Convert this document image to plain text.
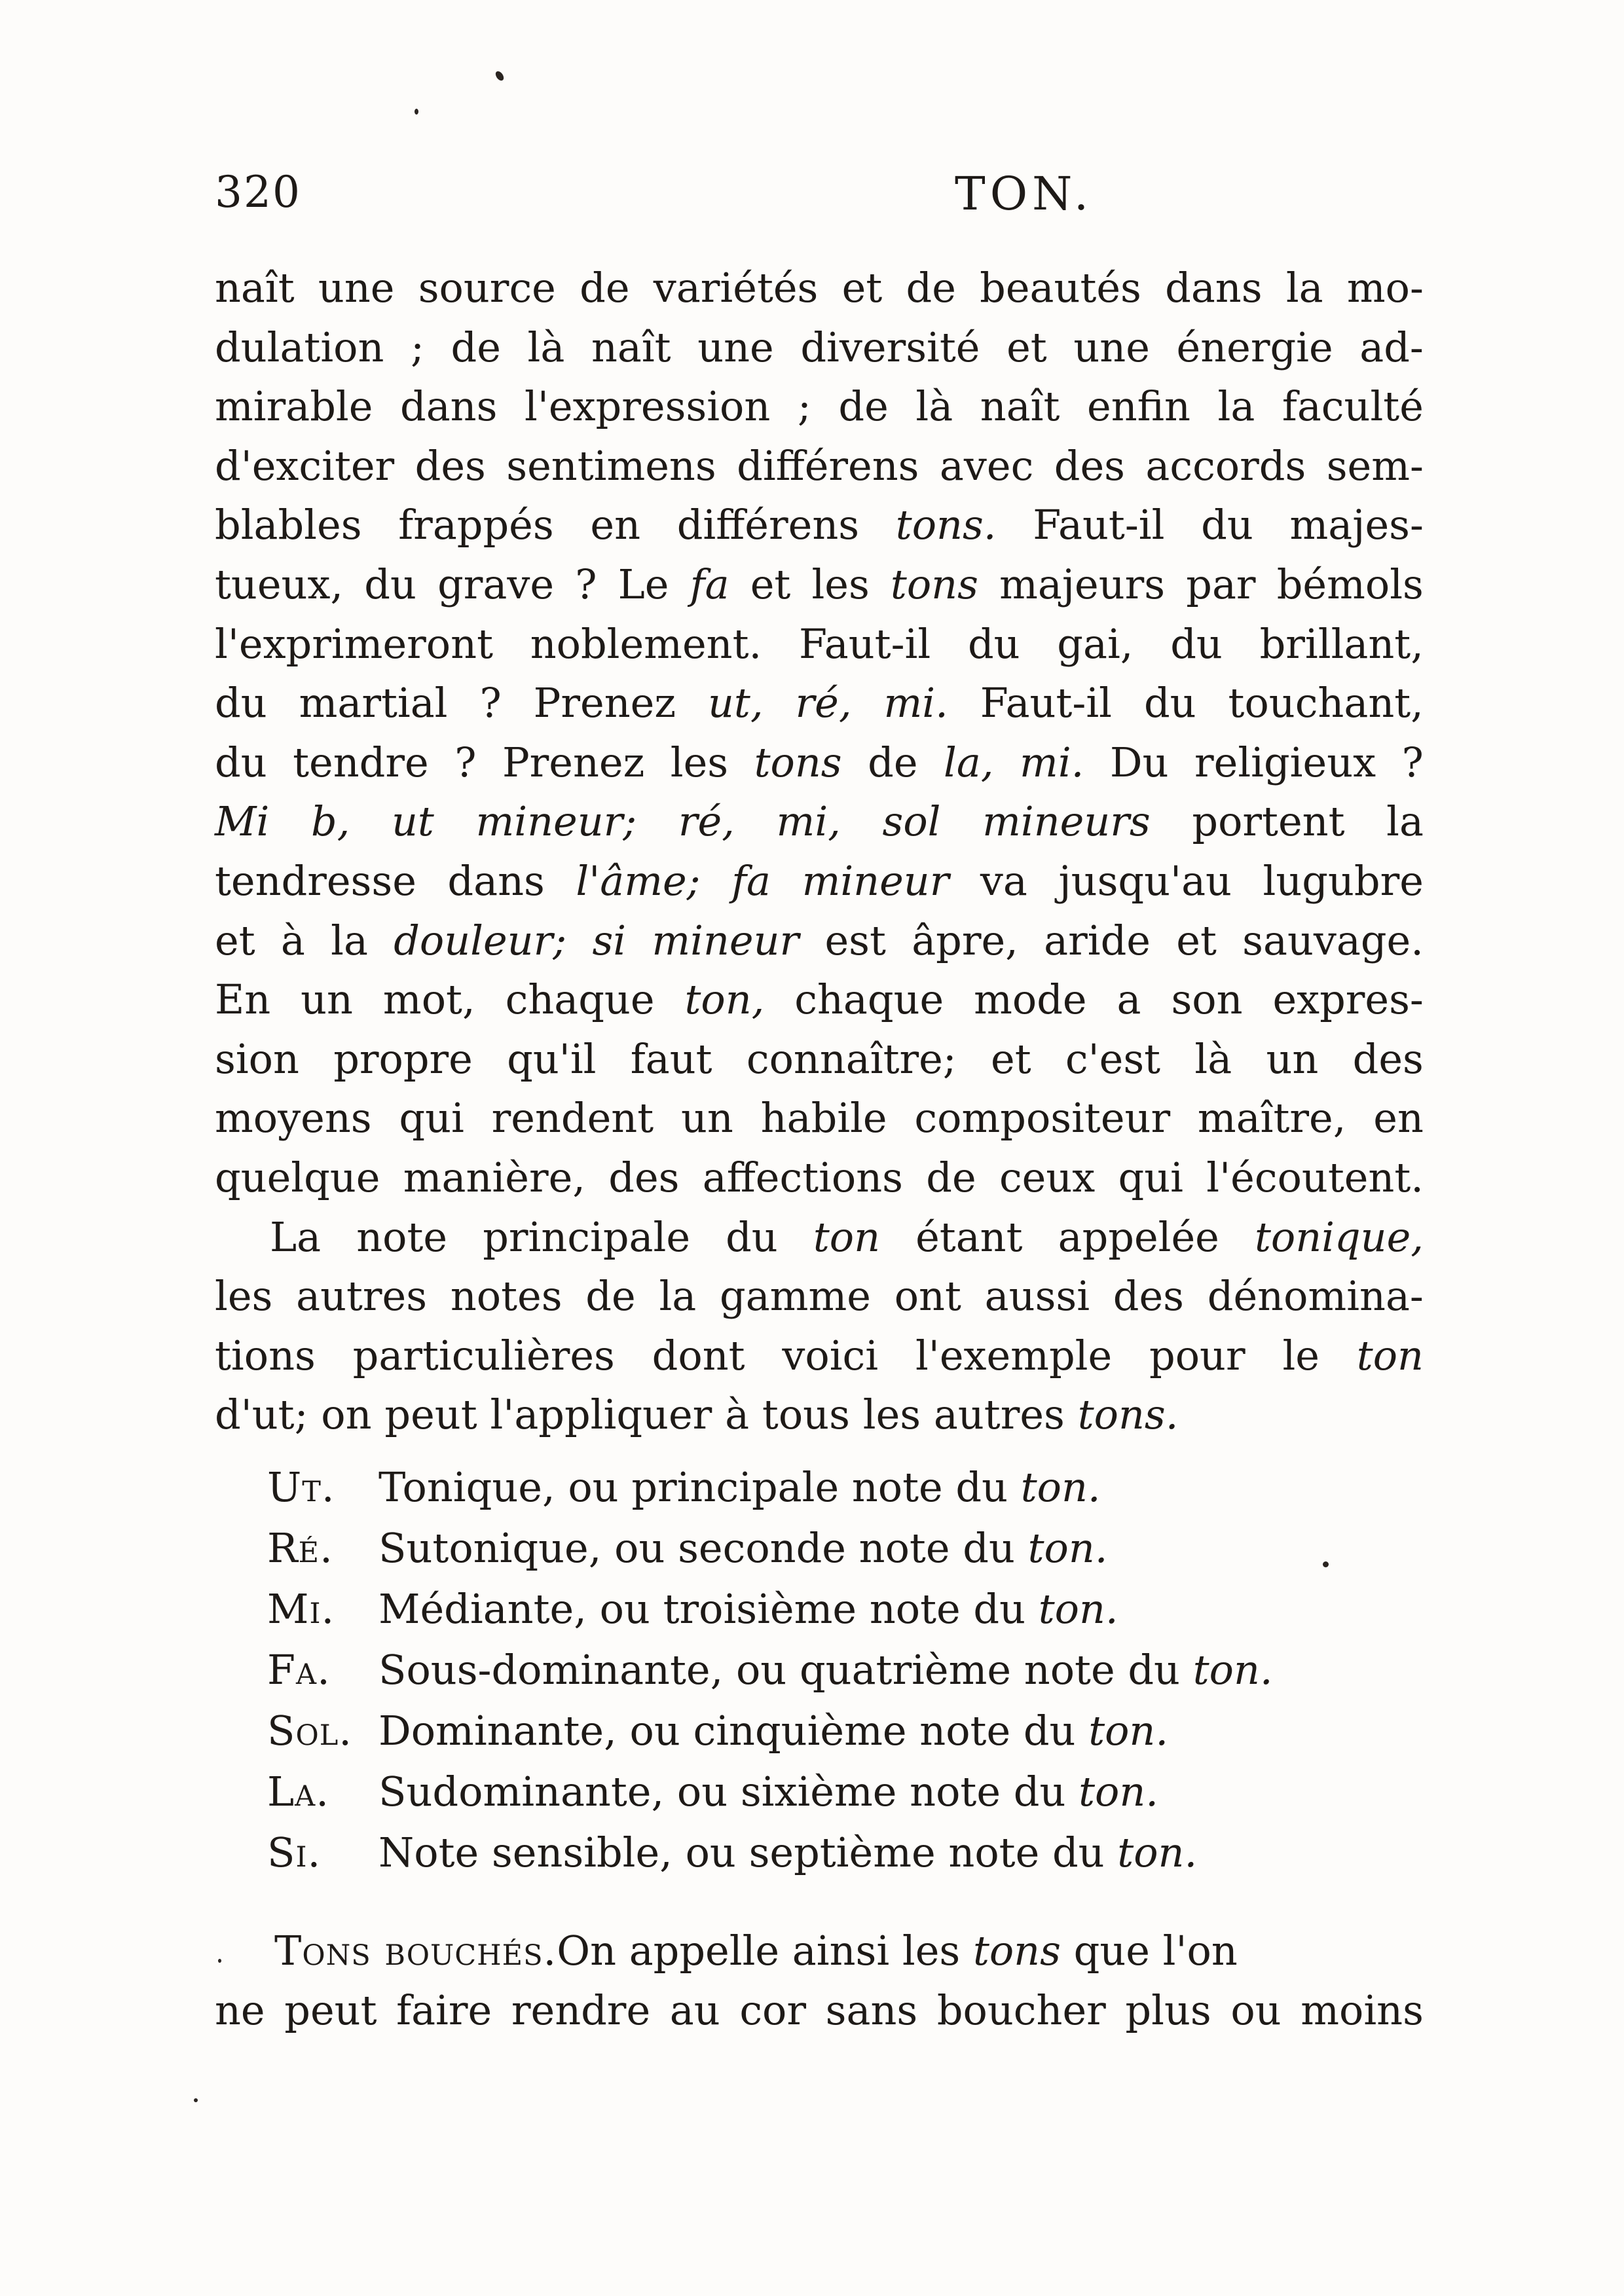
320	TON.
naît une source de variétés et de beautés dans la mo-
dulation ; de là naît une diversité et une énergie ad-
mirable dans l'expression ; de là naît enfin la faculté
d'exciter des sentimens différens avec des accords sem-
blables frappés en différens tons. Faut-il du majes-
tueux, du grave ? Le fa et les tons majeurs par bémols
l'exprimeront noblement. Faut-il du gai, du brillant,
du martial ? Prenez ut, ré, mi. Faut-il du touchant,
du tendre ? Prenez les tons de la, mi. Du religieux ?
Mi b, ut mineur; ré, mi, sol mineurs portent la
tendresse dans l'âme; fa mineur va jusqu'au lugubre
et à la douleur; si mineur est âpre, aride et sauvage.
En un mot, chaque ton, chaque mode a son expres-
sion propre qu'il faut connaître; et c'est là un des
moyens qui rendent un habile compositeur maître, en
quelque manière, des affections de ceux qui l'écoutent.
La note principale du ton étant appelée tonique,
les autres notes de la gamme ont aussi des dénomina-
tions particulières dont voici l'exemple pour le ton
d'ut; on peut l'appliquer à tous les autres tons.
Ut. Tonique, ou principale note du ton.
Ré. Sutonique, ou seconde note du ton.
Mi. Médiante, ou troisième note du ton.
Fa. Sous-dominante, ou quatrième note du ton.
Sol. Dominante, ou cinquième note du ton.
La. Sudominante, ou sixième note du ton.
Si. Note sensible, ou septième note du ton.
Tons bouchés. On appelle ainsi les tons que l'on
ne peut faire rendre au cor sans boucher plus ou moins
